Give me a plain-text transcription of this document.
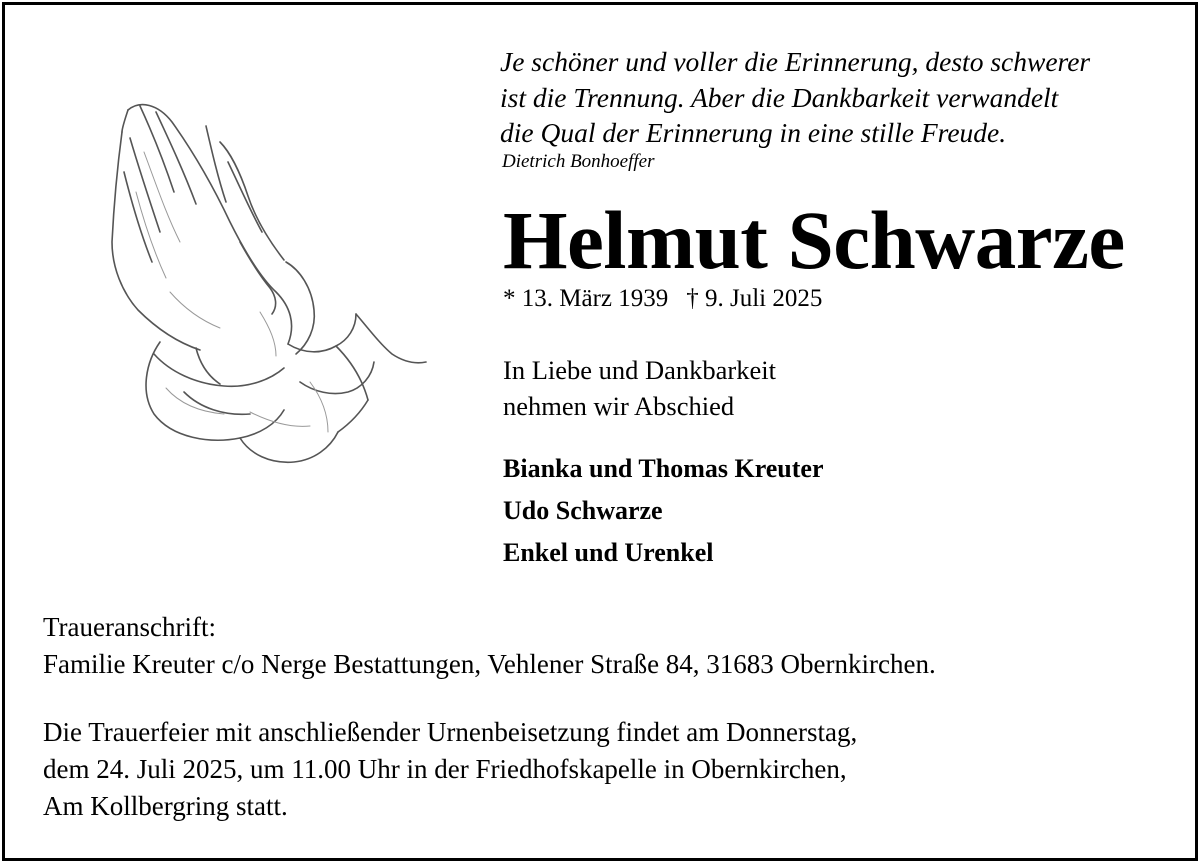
Je schöner und voller die Erinnerung, desto schwerer
ist die Trennung. Aber die Dankbarkeit verwandelt
die Qual der Erinnerung in eine stille Freude.
Dietrich Bonhoeffer
Helmut Schwarze
* 13. März 1939 † 9. Juli 2025
In Liebe und Dankbarkeit
nehmen wir Abschied
Bianka und Thomas Kreuter
Udo Schwarze
Enkel und Urenkel
Traueranschrift:
Familie Kreuter c/o Nerge Bestattungen, Vehlener Straße 84, 31683 Obernkirchen.
Die Trauerfeier mit anschließender Urnenbeisetzung findet am Donnerstag,
dem 24. Juli 2025, um 11.00 Uhr in der Friedhofskapelle in Obernkirchen,
Am Kollbergring statt.
